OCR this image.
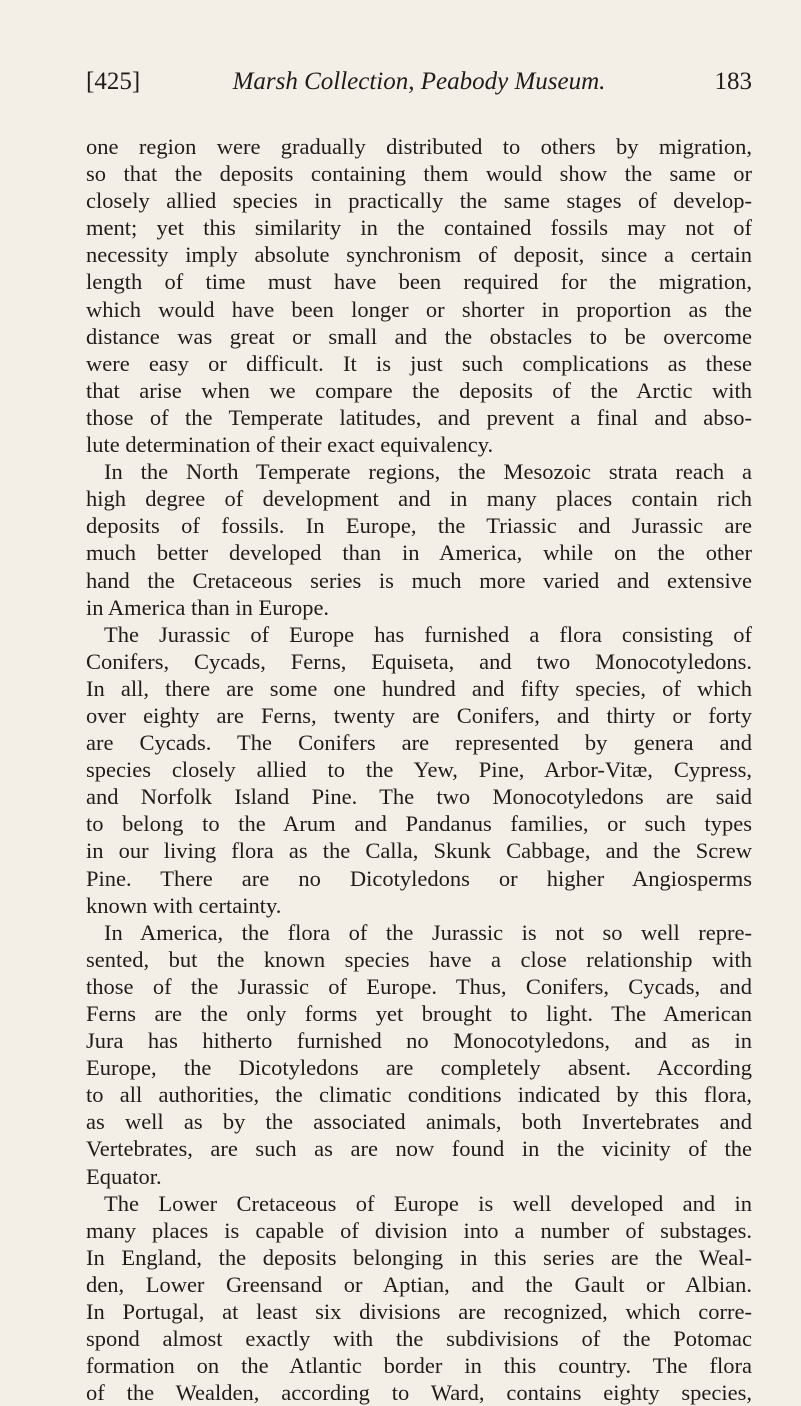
[425]	Marsh Collection, Peabody Museum.	183
one region were gradually distributed to others by migration,
so that the deposits containing them would show the same or
closely allied species in practically the same stages of develop-
ment; yet this similarity in the contained fossils may not of
necessity imply absolute synchronism of deposit, since a certain
length of time must have been required for the migration,
which would have been longer or shorter in proportion as the
distance was great or small and the obstacles to be overcome
were easy or difficult. It is just such complications as these
that arise when we compare the deposits of the Arctic with
those of the Temperate latitudes, and prevent a final and abso-
lute determination of their exact equivalency.
In the North Temperate regions, the Mesozoic strata reach a
high degree of development and in many places contain rich
deposits of fossils. In Europe, the Triassic and Jurassic are
much better developed than in America, while on the other
hand the Cretaceous series is much more varied and extensive
in America than in Europe.
The Jurassic of Europe has furnished a flora consisting of
Conifers, Cycads, Ferns, Equiseta, and two Monocotyledons.
In all, there are some one hundred and fifty species, of which
over eighty are Ferns, twenty are Conifers, and thirty or forty
are Cycads. The Conifers are represented by genera and
species closely allied to the Yew, Pine, Arbor-Vitæ, Cypress,
and Norfolk Island Pine. The two Monocotyledons are said
to belong to the Arum and Pandanus families, or such types
in our living flora as the Calla, Skunk Cabbage, and the Screw
Pine. There are no Dicotyledons or higher Angiosperms
known with certainty.
In America, the flora of the Jurassic is not so well repre-
sented, but the known species have a close relationship with
those of the Jurassic of Europe. Thus, Conifers, Cycads, and
Ferns are the only forms yet brought to light. The American
Jura has hitherto furnished no Monocotyledons, and as in
Europe, the Dicotyledons are completely absent. According
to all authorities, the climatic conditions indicated by this flora,
as well as by the associated animals, both Invertebrates and
Vertebrates, are such as are now found in the vicinity of the
Equator.
The Lower Cretaceous of Europe is well developed and in
many places is capable of division into a number of substages.
In England, the deposits belonging in this series are the Weal-
den, Lower Greensand or Aptian, and the Gault or Albian.
In Portugal, at least six divisions are recognized, which corre-
spond almost exactly with the subdivisions of the Potomac
formation on the Atlantic border in this country. The flora
of the Wealden, according to Ward, contains eighty species,
